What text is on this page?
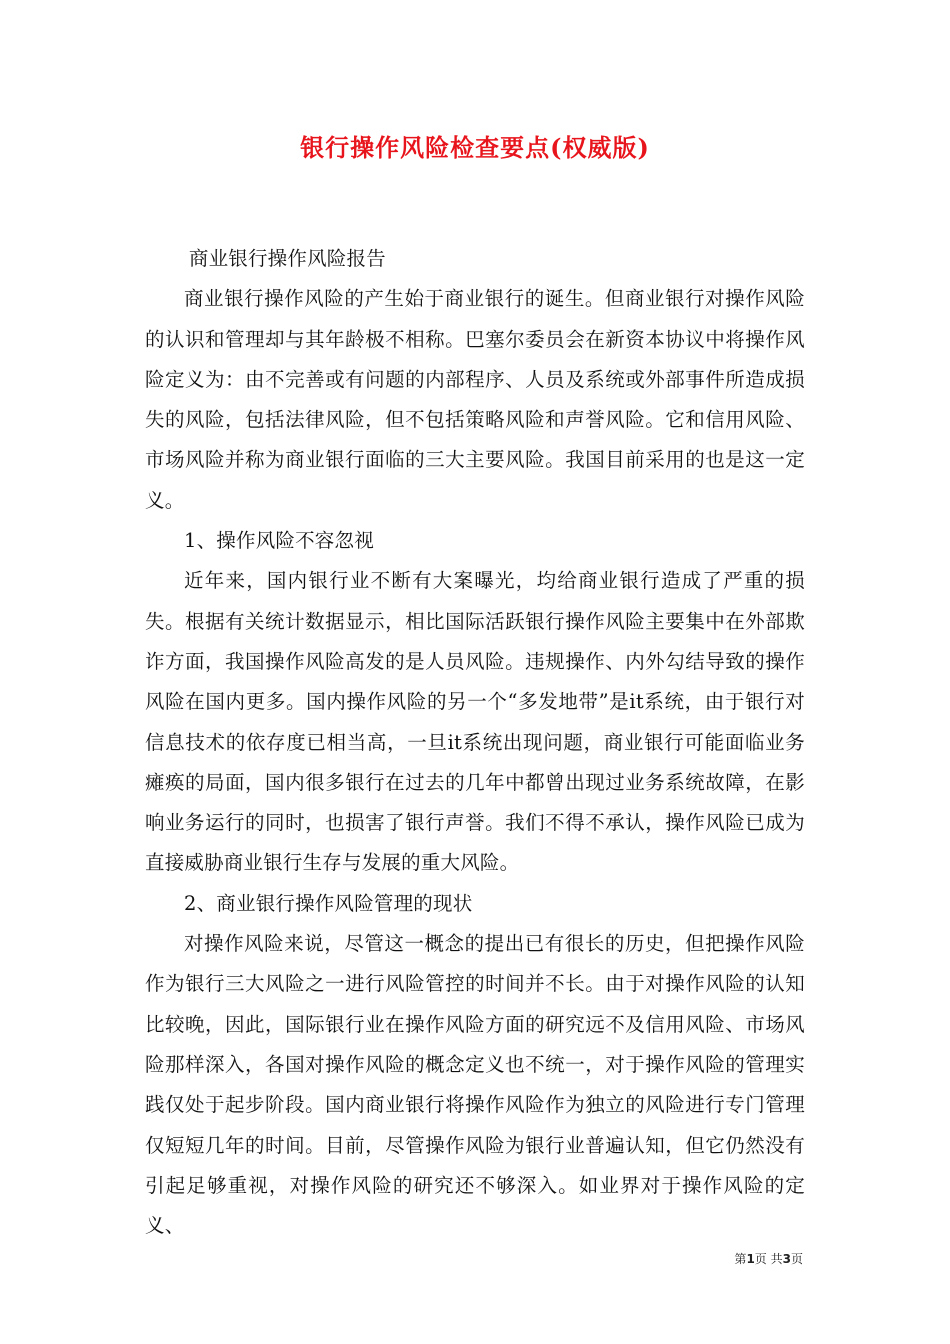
银行操作风险检查要点(权威版)

商业银行操作风险报告

商业银行操作风险的产生始于商业银行的诞生。但商业银行对操作风险的认识和管理却与其年龄极不相称。巴塞尔委员会在新资本协议中将操作风险定义为：由不完善或有问题的内部程序、人员及系统或外部事件所造成损失的风险，包括法律风险，但不包括策略风险和声誉风险。它和信用风险、市场风险并称为商业银行面临的三大主要风险。我国目前采用的也是这一定义。

1、操作风险不容忽视

近年来，国内银行业不断有大案曝光，均给商业银行造成了严重的损失。根据有关统计数据显示，相比国际活跃银行操作风险主要集中在外部欺诈方面，我国操作风险高发的是人员风险。违规操作、内外勾结导致的操作风险在国内更多。国内操作风险的另一个“多发地带”是it系统，由于银行对信息技术的依存度已相当高，一旦it系统出现问题，商业银行可能面临业务瘫痪的局面，国内很多银行在过去的几年中都曾出现过业务系统故障，在影响业务运行的同时，也损害了银行声誉。我们不得不承认，操作风险已成为直接威胁商业银行生存与发展的重大风险。

2、商业银行操作风险管理的现状

对操作风险来说，尽管这一概念的提出已有很长的历史，但把操作风险作为银行三大风险之一进行风险管控的时间并不长。由于对操作风险的认知比较晚，因此，国际银行业在操作风险方面的研究远不及信用风险、市场风险那样深入，各国对操作风险的概念定义也不统一，对于操作风险的管理实践仅处于起步阶段。国内商业银行将操作风险作为独立的风险进行专门管理仅短短几年的时间。目前，尽管操作风险为银行业普遍认知，但它仍然没有引起足够重视，对操作风险的研究还不够深入。如业界对于操作风险的定义、

第1页 共3页
